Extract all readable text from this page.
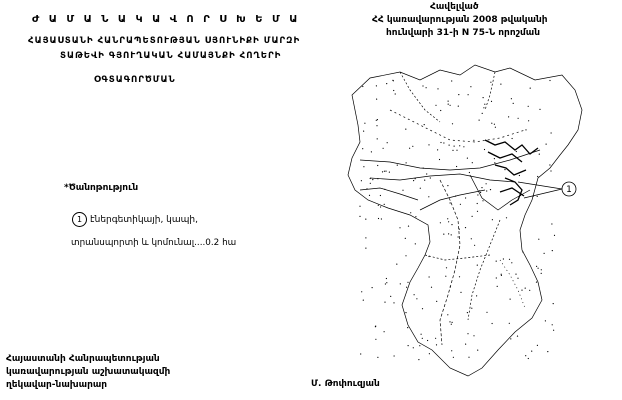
Ժ Ա Մ Ա Ն Ա Կ Ա Վ Ո Ր Ս Խ Ե Մ Ա
ՀԱՅԱՍՏԱՆԻ ՀԱՆՐԱՊԵՏՈՒԹՅԱՆ ՍՅՈՒՆԻՔԻ ՄԱՐԶԻ
ՏԱԹԵՎԻ ԳՅՈՒՂԱԿԱՆ ՀԱՄԱՅՆՔԻ ՀՈՂԵՐԻ
ՕԳՏԱԳՈՐԾՄԱՆ
Հավելված
ՀՀ կառավարության 2008 թվականի
հունվարի 31-ի N 75-Ն որոշման
*Ծանոթություն
1 էներգետիկայի, կապի,
տրանսպորտի և կոմունալ....0.2 հա
Հայաստանի Հանրապետության
կառավարության աշխատակազմի
ղեկավար-նախարար	Մ. Թոփուզյան
1
